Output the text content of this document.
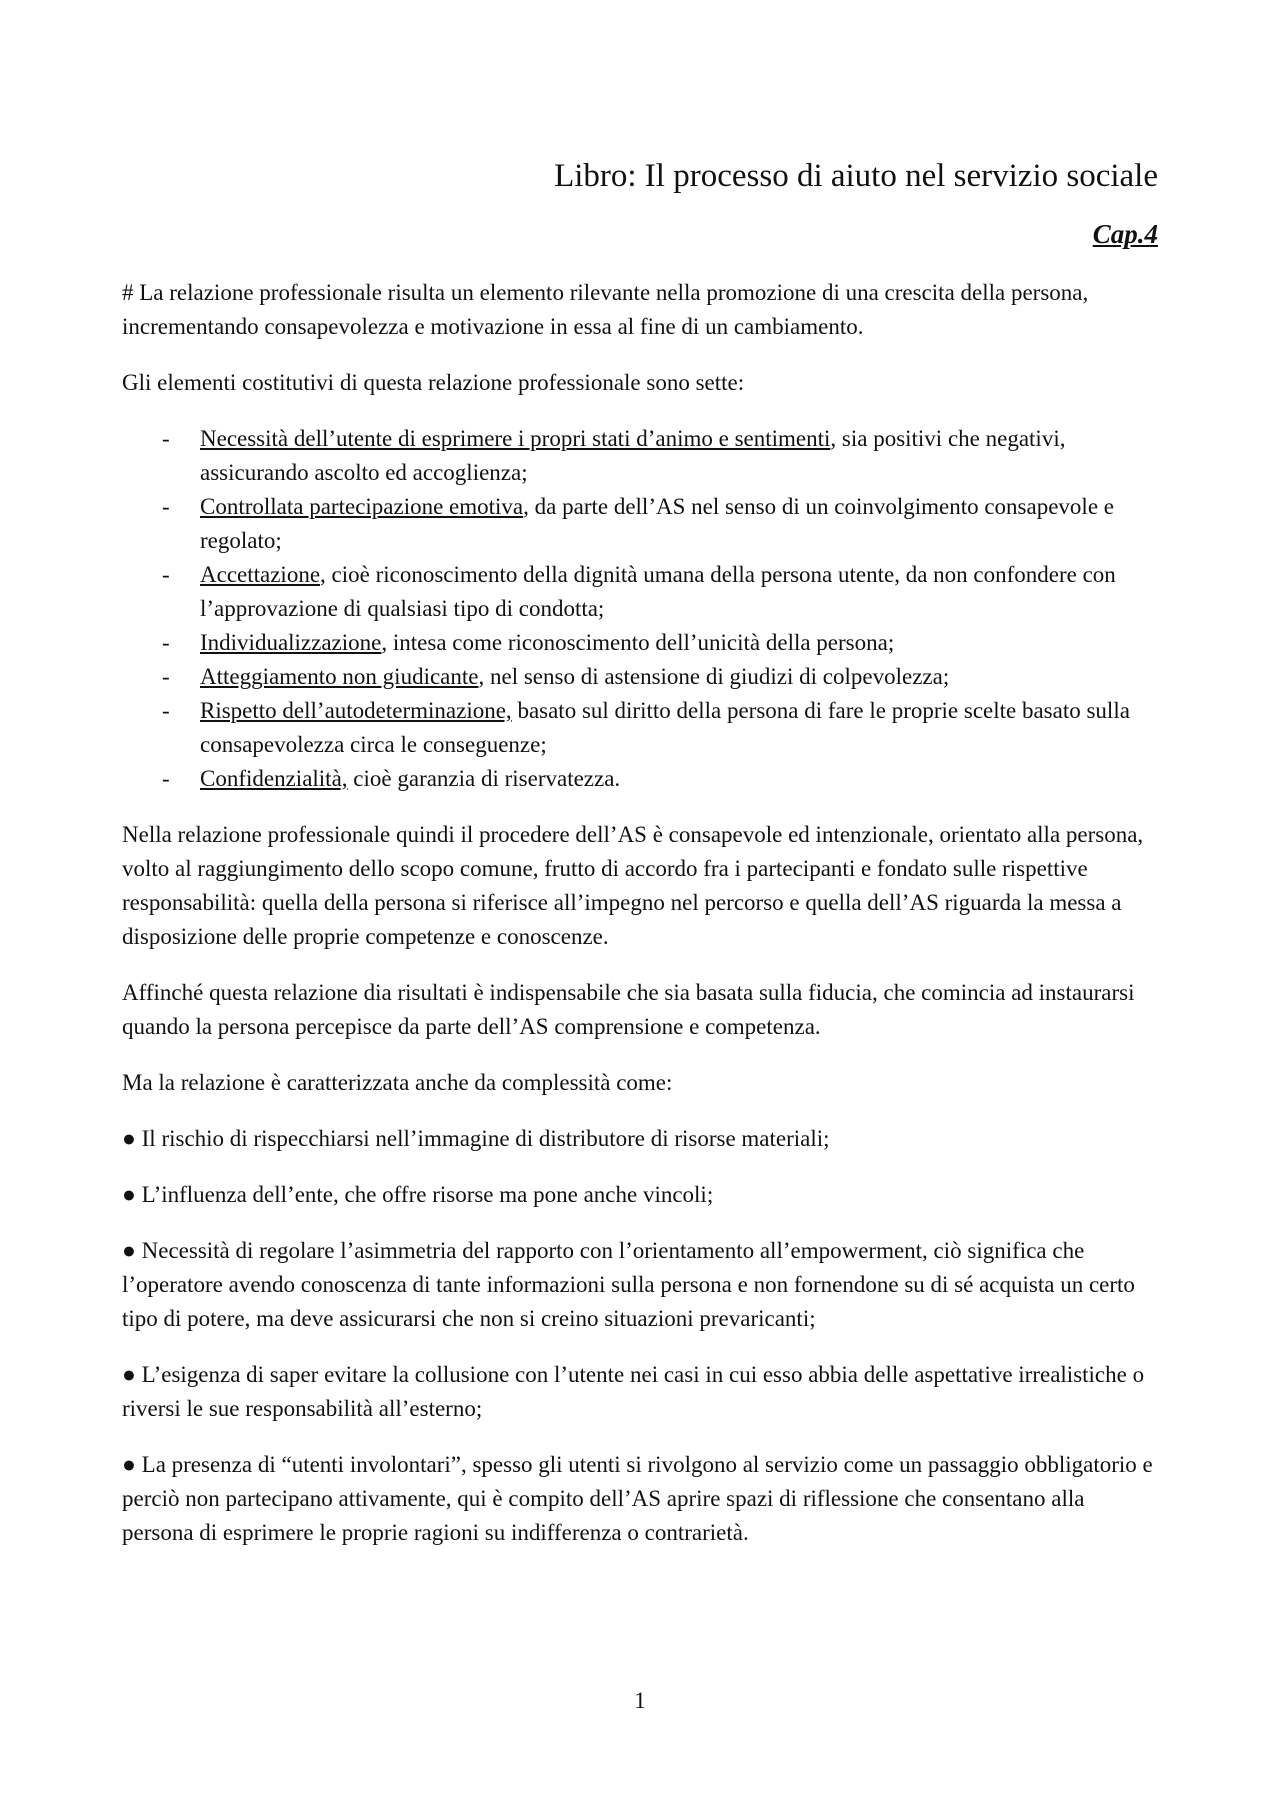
Libro: Il processo di aiuto nel servizio sociale
Cap.4

# La relazione professionale risulta un elemento rilevante nella promozione di una crescita della persona, incrementando consapevolezza e motivazione in essa al fine di un cambiamento.

Gli elementi costitutivi di questa relazione professionale sono sette:

- Necessità dell’utente di esprimere i propri stati d’animo e sentimenti, sia positivi che negativi, assicurando ascolto ed accoglienza;
- Controllata partecipazione emotiva, da parte dell’AS nel senso di un coinvolgimento consapevole e regolato;
- Accettazione, cioè riconoscimento della dignità umana della persona utente, da non confondere con l’approvazione di qualsiasi tipo di condotta;
- Individualizzazione, intesa come riconoscimento dell’unicità della persona;
- Atteggiamento non giudicante, nel senso di astensione di giudizi di colpevolezza;
- Rispetto dell’autodeterminazione, basato sul diritto della persona di fare le proprie scelte basato sulla consapevolezza circa le conseguenze;
- Confidenzialità, cioè garanzia di riservatezza.

Nella relazione professionale quindi il procedere dell’AS è consapevole ed intenzionale, orientato alla persona, volto al raggiungimento dello scopo comune, frutto di accordo fra i partecipanti e fondato sulle rispettive responsabilità: quella della persona si riferisce all’impegno nel percorso e quella dell’AS riguarda la messa a disposizione delle proprie competenze e conoscenze.

Affinché questa relazione dia risultati è indispensabile che sia basata sulla fiducia, che comincia ad instaurarsi quando la persona percepisce da parte dell’AS comprensione e competenza.

Ma la relazione è caratterizzata anche da complessità come:

● Il rischio di rispecchiarsi nell’immagine di distributore di risorse materiali;

● L’influenza dell’ente, che offre risorse ma pone anche vincoli;

● Necessità di regolare l’asimmetria del rapporto con l’orientamento all’empowerment, ciò significa che l’operatore avendo conoscenza di tante informazioni sulla persona e non fornendone su di sé acquista un certo tipo di potere, ma deve assicurarsi che non si creino situazioni prevaricanti;

● L’esigenza di saper evitare la collusione con l’utente nei casi in cui esso abbia delle aspettative irrealistiche o riversi le sue responsabilità all’esterno;

● La presenza di “utenti involontari”, spesso gli utenti si rivolgono al servizio come un passaggio obbligatorio e perciò non partecipano attivamente, qui è compito dell’AS aprire spazi di riflessione che consentano alla persona di esprimere le proprie ragioni su indifferenza o contrarietà.

1
